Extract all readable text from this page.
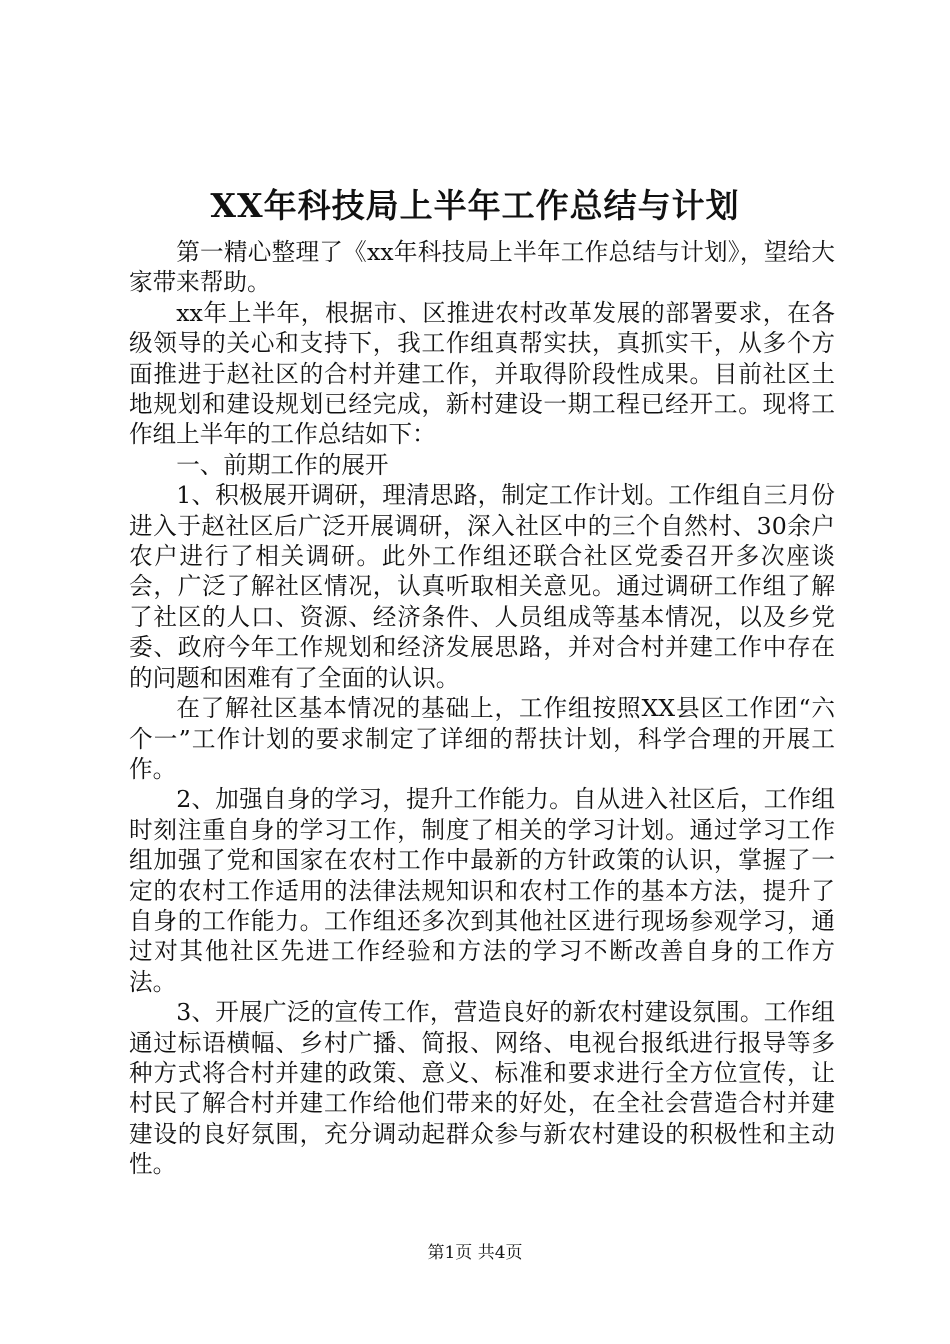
XX年科技局上半年工作总结与计划

第一精心整理了《xx年科技局上半年工作总结与计划》，望给大家带来帮助。

xx年上半年，根据市、区推进农村改革发展的部署要求，在各级领导的关心和支持下，我工作组真帮实扶，真抓实干，从多个方面推进于赵社区的合村并建工作，并取得阶段性成果。目前社区土地规划和建设规划已经完成，新村建设一期工程已经开工。现将工作组上半年的工作总结如下：

一、前期工作的展开

1、积极展开调研，理清思路，制定工作计划。工作组自三月份进入于赵社区后广泛开展调研，深入社区中的三个自然村、30余户农户进行了相关调研。此外工作组还联合社区党委召开多次座谈会，广泛了解社区情况，认真听取相关意见。通过调研工作组了解了社区的人口、资源、经济条件、人员组成等基本情况，以及乡党委、政府今年工作规划和经济发展思路，并对合村并建工作中存在的问题和困难有了全面的认识。

在了解社区基本情况的基础上，工作组按照XX县区工作团“六个一”工作计划的要求制定了详细的帮扶计划，科学合理的开展工作。

2、加强自身的学习，提升工作能力。自从进入社区后，工作组时刻注重自身的学习工作，制度了相关的学习计划。通过学习工作组加强了党和国家在农村工作中最新的方针政策的认识，掌握了一定的农村工作适用的法律法规知识和农村工作的基本方法，提升了自身的工作能力。工作组还多次到其他社区进行现场参观学习，通过对其他社区先进工作经验和方法的学习不断改善自身的工作方法。

3、开展广泛的宣传工作，营造良好的新农村建设氛围。工作组通过标语横幅、乡村广播、简报、网络、电视台报纸进行报导等多种方式将合村并建的政策、意义、标准和要求进行全方位宣传，让村民了解合村并建工作给他们带来的好处，在全社会营造合村并建建设的良好氛围，充分调动起群众参与新农村建设的积极性和主动性。

第1页 共4页
